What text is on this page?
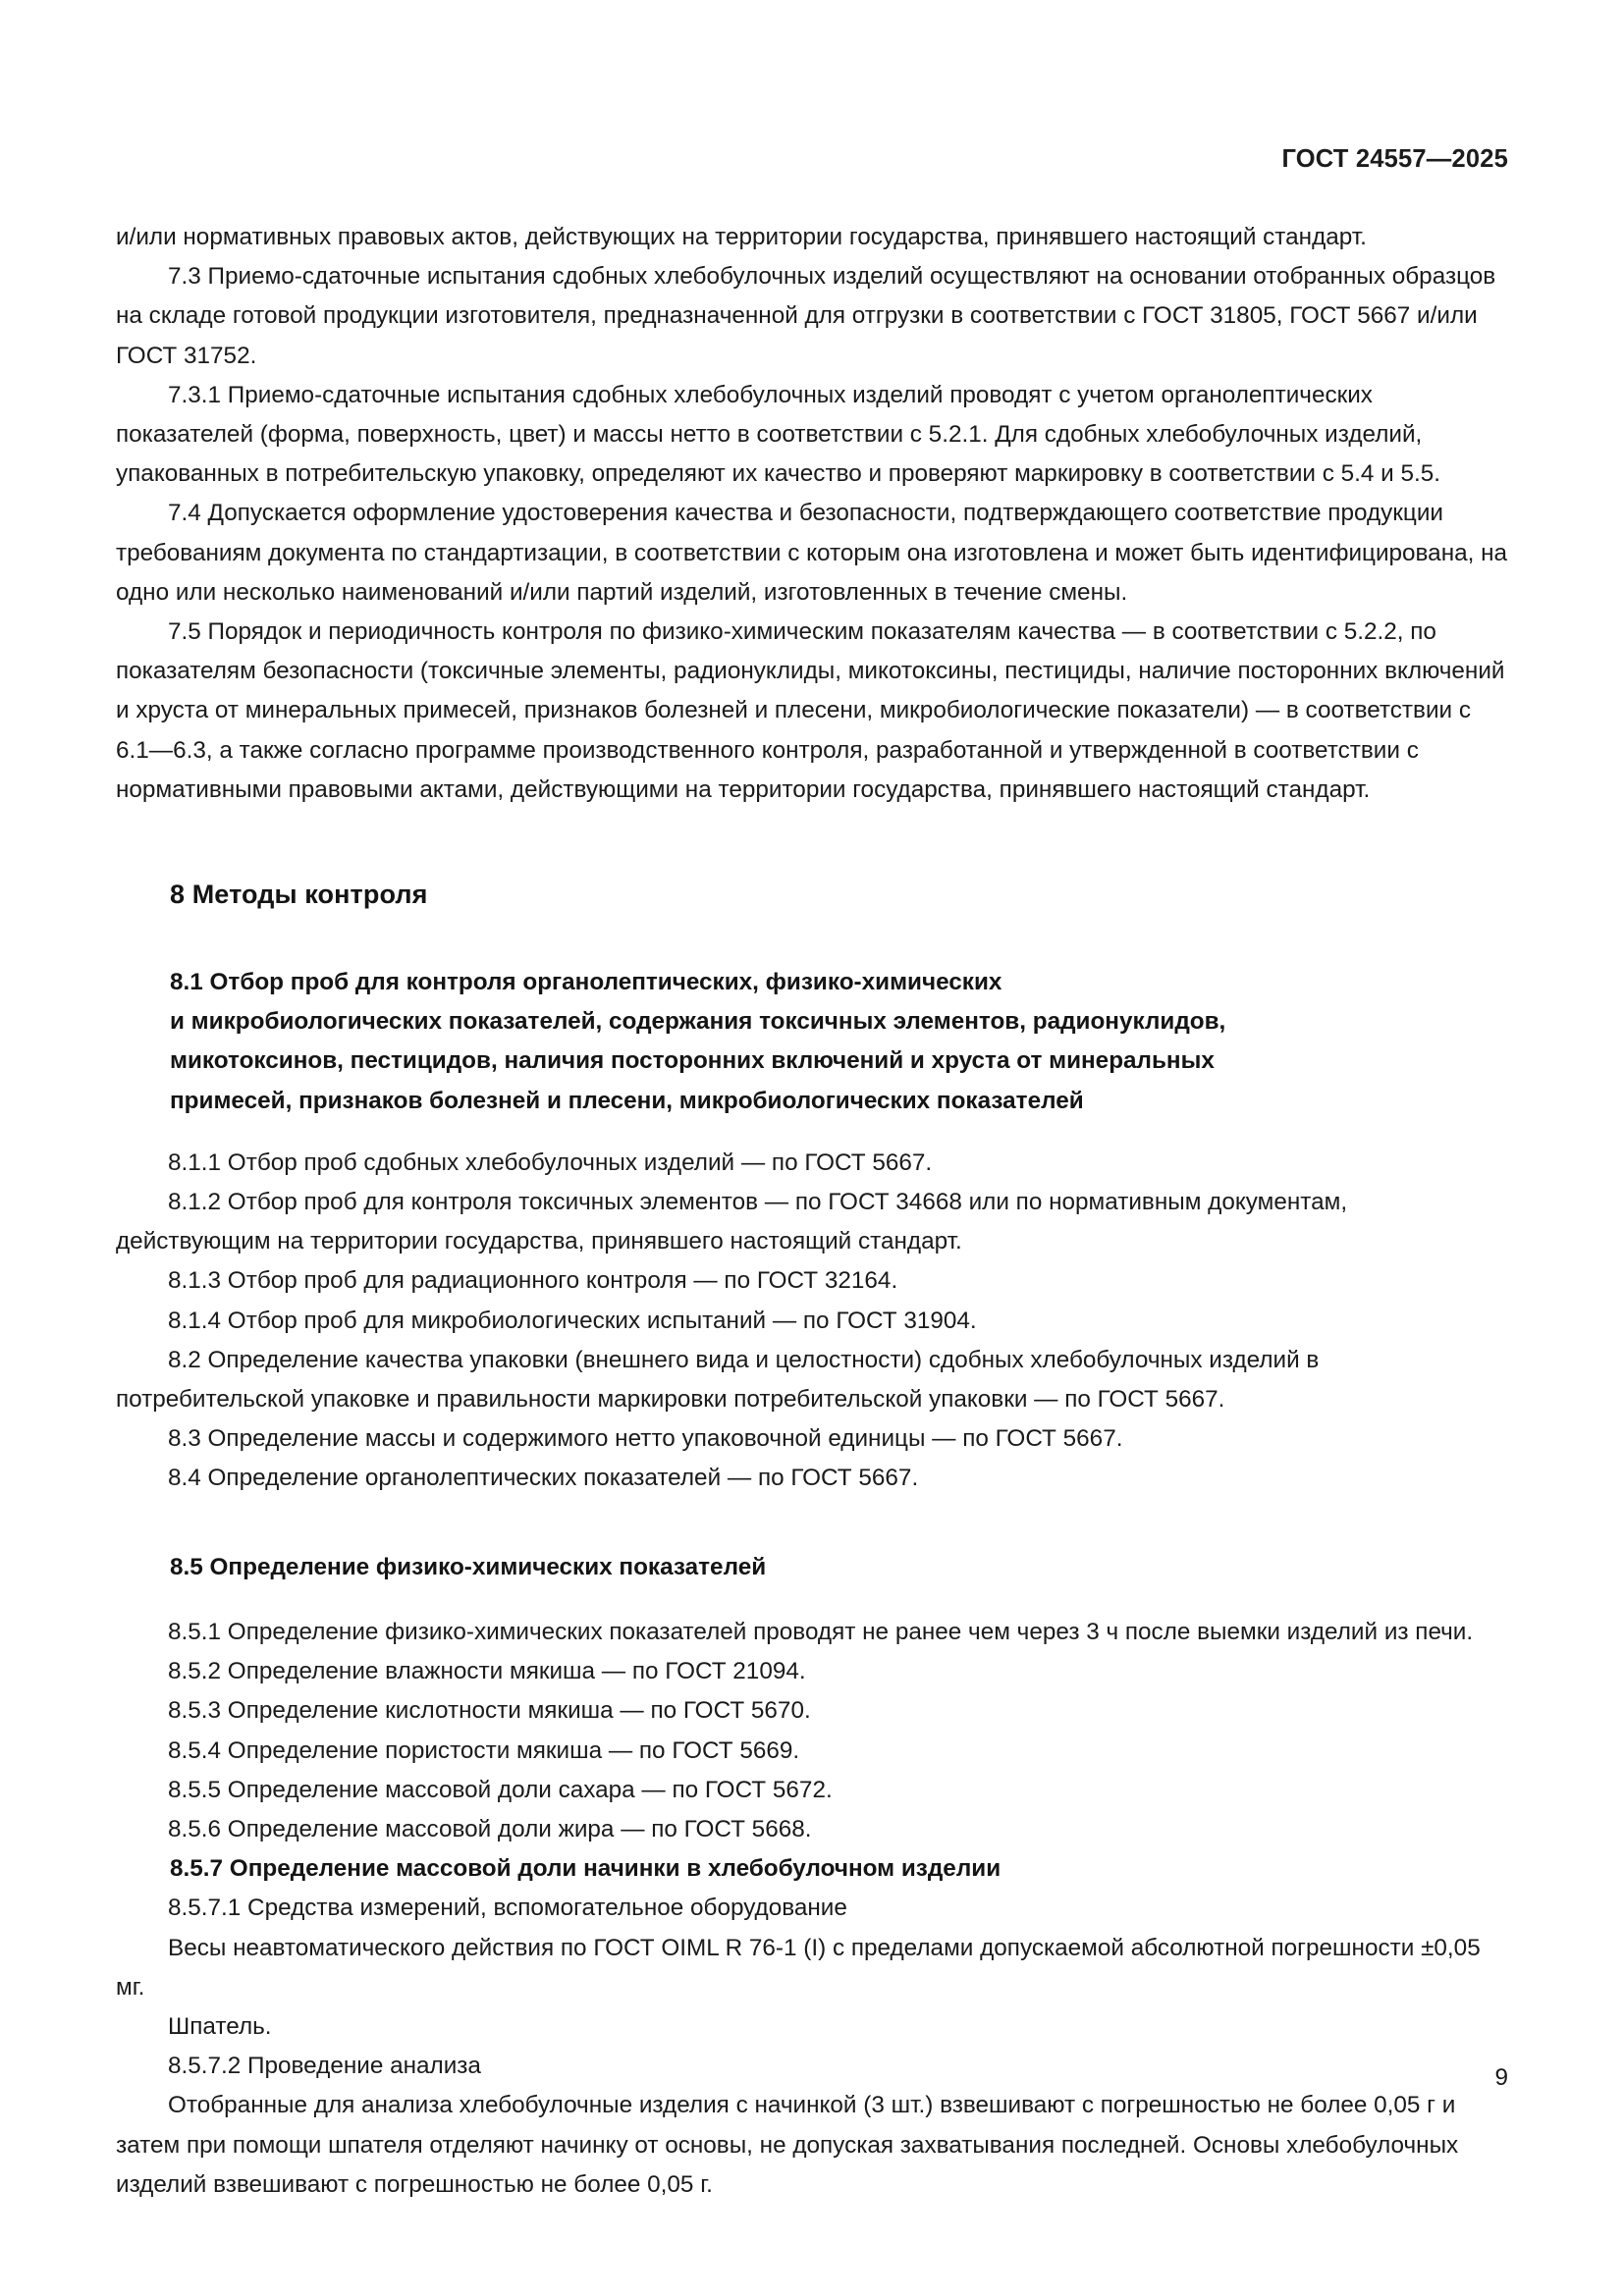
ГОСТ 24557—2025

и/или нормативных правовых актов, действующих на территории государства, принявшего настоящий стандарт.

7.3 Приемо-сдаточные испытания сдобных хлебобулочных изделий осуществляют на основании отобранных образцов на складе готовой продукции изготовителя, предназначенной для отгрузки в соответствии с ГОСТ 31805, ГОСТ 5667 и/или ГОСТ 31752.

7.3.1 Приемо-сдаточные испытания сдобных хлебобулочных изделий проводят с учетом органолептических показателей (форма, поверхность, цвет) и массы нетто в соответствии с 5.2.1. Для сдобных хлебобулочных изделий, упакованных в потребительскую упаковку, определяют их качество и проверяют маркировку в соответствии с 5.4 и 5.5.

7.4 Допускается оформление удостоверения качества и безопасности, подтверждающего соответствие продукции требованиям документа по стандартизации, в соответствии с которым она изготовлена и может быть идентифицирована, на одно или несколько наименований и/или партий изделий, изготовленных в течение смены.

7.5 Порядок и периодичность контроля по физико-химическим показателям качества — в соответствии с 5.2.2, по показателям безопасности (токсичные элементы, радионуклиды, микотоксины, пестициды, наличие посторонних включений и хруста от минеральных примесей, признаков болезней и плесени, микробиологические показатели) — в соответствии с 6.1—6.3, а также согласно программе производственного контроля, разработанной и утвержденной в соответствии с нормативными правовыми актами, действующими на территории государства, принявшего настоящий стандарт.

8 Методы контроля
8.1 Отбор проб для контроля органолептических, физико-химических
и микробиологических показателей, содержания токсичных элементов, радионуклидов,
микотоксинов, пестицидов, наличия посторонних включений и хруста от минеральных
примесей, признаков болезней и плесени, микробиологических показателей

8.1.1 Отбор проб сдобных хлебобулочных изделий — по ГОСТ 5667.

8.1.2 Отбор проб для контроля токсичных элементов — по ГОСТ 34668 или по нормативным документам, действующим на территории государства, принявшего настоящий стандарт.

8.1.3 Отбор проб для радиационного контроля — по ГОСТ 32164.

8.1.4 Отбор проб для микробиологических испытаний — по ГОСТ 31904.

8.2 Определение качества упаковки (внешнего вида и целостности) сдобных хлебобулочных изделий в потребительской упаковке и правильности маркировки потребительской упаковки — по ГОСТ 5667.

8.3 Определение массы и содержимого нетто упаковочной единицы — по ГОСТ 5667.

8.4 Определение органолептических показателей — по ГОСТ 5667.

8.5 Определение физико-химических показателей

8.5.1 Определение физико-химических показателей проводят не ранее чем через 3 ч после выемки изделий из печи.

8.5.2 Определение влажности мякиша — по ГОСТ 21094.

8.5.3 Определение кислотности мякиша — по ГОСТ 5670.

8.5.4 Определение пористости мякиша — по ГОСТ 5669.

8.5.5 Определение массовой доли сахара — по ГОСТ 5672.

8.5.6 Определение массовой доли жира — по ГОСТ 5668.

8.5.7 Определение массовой доли начинки в хлебобулочном изделии

8.5.7.1 Средства измерений, вспомогательное оборудование

Весы неавтоматического действия по ГОСТ OIML R 76-1 (I) с пределами допускаемой абсолютной погрешности ±0,05 мг.

Шпатель.

8.5.7.2 Проведение анализа

Отобранные для анализа хлебобулочные изделия с начинкой (3 шт.) взвешивают с погрешностью не более 0,05 г и затем при помощи шпателя отделяют начинку от основы, не допуская захватывания последней. Основы хлебобулочных изделий взвешивают с погрешностью не более 0,05 г.

9
